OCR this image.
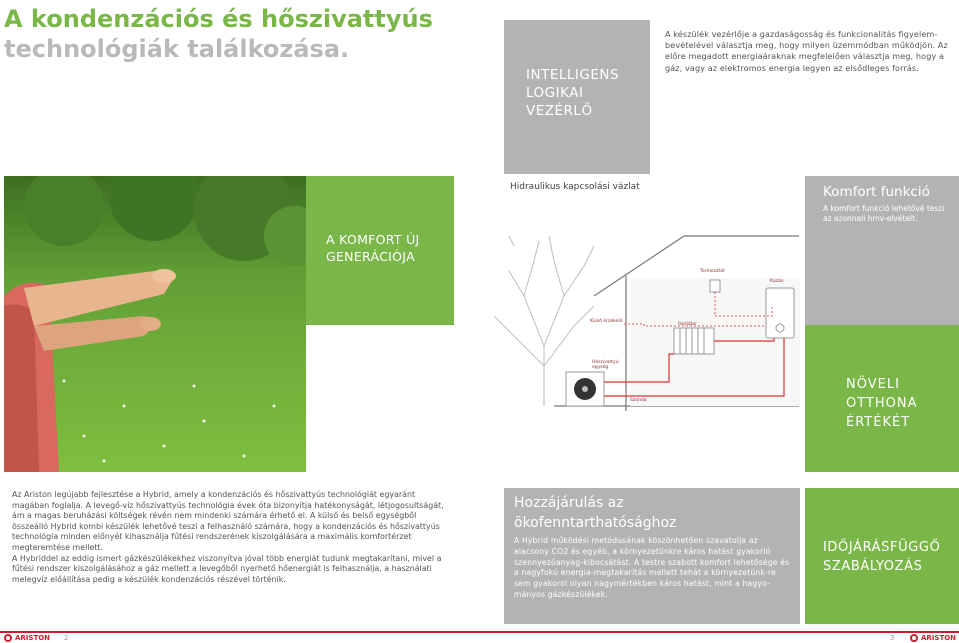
A kondenzációs és hőszivattyús
technológiák találkozása.
INTELLIGENS
LOGIKAI
VEZÉRLŐ
A készülék vezérlője a gazdaságosság és funkcionalitás figyelem-bevételével választja meg, hogy milyen üzemmódban működjön. Az előre megadott energiaáraknak megfelelően választja meg, hogy a gáz, vagy az elektromos energia legyen az elsődleges forrás.
A KOMFORT ÚJ
GENERÁCIÓJA
Hidraulikus kapcsolási vázlat
Termosztát
Kazán
Külső érzékelő
Radiátor
Hőszivattyú egység
Szonda
Komfort funkció
A komfort funkció lehetővé teszi az azonnali hmv-elvételt.
NÖVELI
OTTHONA
ÉRTÉKÉT

Az Ariston legújabb fejlesztése a Hybrid, amely a kondenzációs és hőszivattyús technológiát egyaránt magában foglalja. A levegő-víz hőszivattyús technológia évek óta bizonyítja hatékonyságát, létjogosultságát, ám a magas beruházási költségek révén nem mindenki számára érhető el. A külső és belső egységből összeálló Hybrid kombi készülék lehetővé teszi a felhasználó számára, hogy a kondenzációs és hőszivattyús technológia minden előnyét kihasználja fűtési rendszerének kiszolgálására a maximális komfortérzet megteremtése mellett.

A Hybriddel az eddig ismert gázkészülékekhez viszonyítva jóval több energiát tudunk megtakarítani, mivel a fűtési rendszer kiszolgálásához a gáz mellett a levegőből nyerhető hőenergiát is felhasználja, a használati melegvíz előállítása pedig a készülék kondenzációs részével történik.

Hozzájárulás az
ökofenntarthatósághoz
A Hybrid működési metódusának köszönhetően szavatolja az alacsony CO2 és egyéb, a környezetünkre káros hatást gyakorló szennyezőanyag-kibocsátást. A testre szabott komfort lehetősége és a nagyfokú energia-megtakarítás mellett tehát a környezetünk-re sem gyakorol olyan nagymértékben káros hatást, mint a hagyo-mányos gázkészülékek.
IDŐJÁRÁSFÜGGŐ
SZABÁLYOZÁS
ARISTON 2	3	ARISTON
